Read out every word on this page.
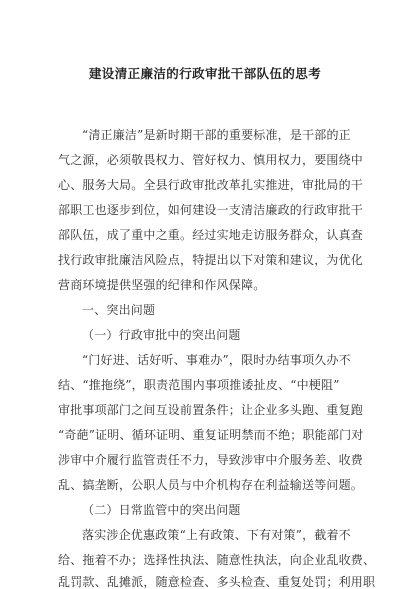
建设清正廉洁的行政审批干部队伍的思考
“清正廉洁”是新时期干部的重要标准，是干部的正
气之源，必须敬畏权力、管好权力、慎用权力，要围绕中
心、服务大局。全县行政审批改革扎实推进，审批局的干
部职工也逐步到位，如何建设一支清洁廉政的行政审批干
部队伍，成了重中之重。经过实地走访服务群众，认真查
找行政审批廉洁风险点，特提出以下对策和建议，为优化
营商环境提供坚强的纪律和作风保障。
一、突出问题
（一）行政审批中的突出问题
“门好进、话好听、事难办”，限时办结事项久办不
结、“推拖绕”，职责范围内事项推诿扯皮、“中梗阻”
审批事项部门之间互设前置条件；让企业多头跑、重复跑
“奇葩”证明、循环证明、重复证明禁而不绝；职能部门对
涉审中介履行监管责任不力，导致涉审中介服务差、收费
乱、搞垄断，公职人员与中介机构存在利益输送等问题。
（二）日常监管中的突出问题
落实涉企优惠政策“上有政策、下有对策”，截着不
给、拖着不办；选择性执法、随意性执法，向企业乱收费、
乱罚款、乱摊派，随意检查、多头检查、重复处罚；利用职
